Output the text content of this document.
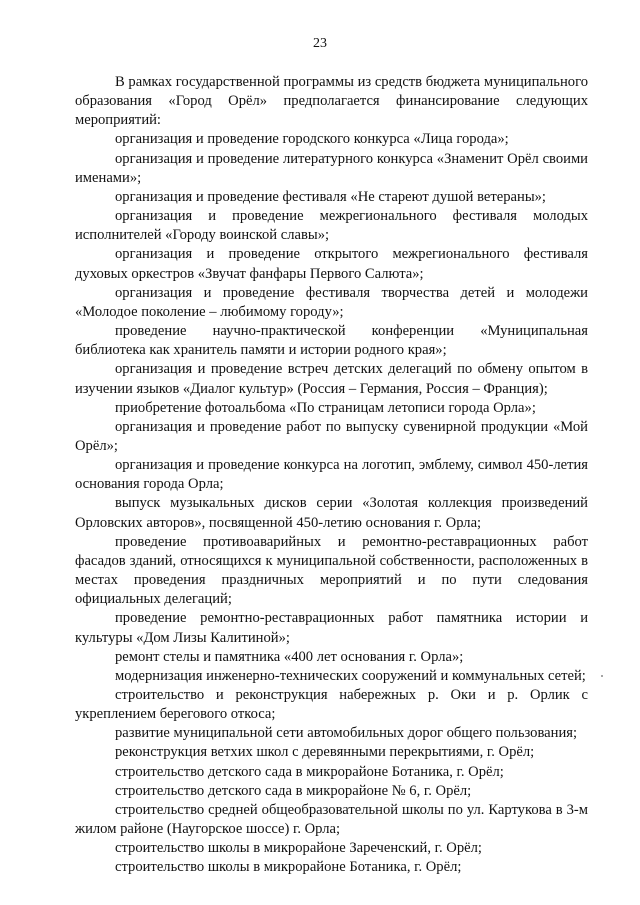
23

В рамках государственной программы из средств бюджета муниципального образования «Город Орёл» предполагается финансирование следующих мероприятий:

организация и проведение городского конкурса «Лица города»;

организация и проведение литературного конкурса «Знаменит Орёл своими именами»;

организация и проведение фестиваля «Не стареют душой ветераны»;

организация и проведение межрегионального фестиваля молодых исполнителей «Городу воинской славы»;

организация и проведение открытого межрегионального фестиваля духовых оркестров «Звучат фанфары Первого Салюта»;

организация и проведение фестиваля творчества детей и молодежи «Молодое поколение – любимому городу»;

проведение научно-практической конференции «Муниципальная библиотека как хранитель памяти и истории родного края»;

организация и проведение встреч детских делегаций по обмену опытом в изучении языков «Диалог культур» (Россия – Германия, Россия – Франция);

приобретение фотоальбома «По страницам летописи города Орла»;

организация и проведение работ по выпуску сувенирной продукции «Мой Орёл»;

организация и проведение конкурса на логотип, эмблему, символ 450-летия основания города Орла;

выпуск музыкальных дисков серии «Золотая коллекция произведений Орловских авторов», посвященной 450-летию основания г. Орла;

проведение противоаварийных и ремонтно-реставрационных работ фасадов зданий, относящихся к муниципальной собственности, расположенных в местах проведения праздничных мероприятий и по пути следования официальных делегаций;

проведение ремонтно-реставрационных работ памятника истории и культуры «Дом Лизы Калитиной»;

ремонт стелы и памятника «400 лет основания г. Орла»;

модернизация инженерно-технических сооружений и коммунальных сетей;

строительство и реконструкция набережных р. Оки и р. Орлик с укреплением берегового откоса;

развитие муниципальной сети автомобильных дорог общего пользования;

реконструкция ветхих школ с деревянными перекрытиями, г. Орёл;

строительство детского сада в микрорайоне Ботаника, г. Орёл;

строительство детского сада в микрорайоне № 6, г. Орёл;

строительство средней общеобразовательной школы по ул. Картукова в 3-м жилом районе (Наугорское шоссе) г. Орла;

строительство школы в микрорайоне Зареченский, г. Орёл;

строительство школы в микрорайоне Ботаника, г. Орёл;
